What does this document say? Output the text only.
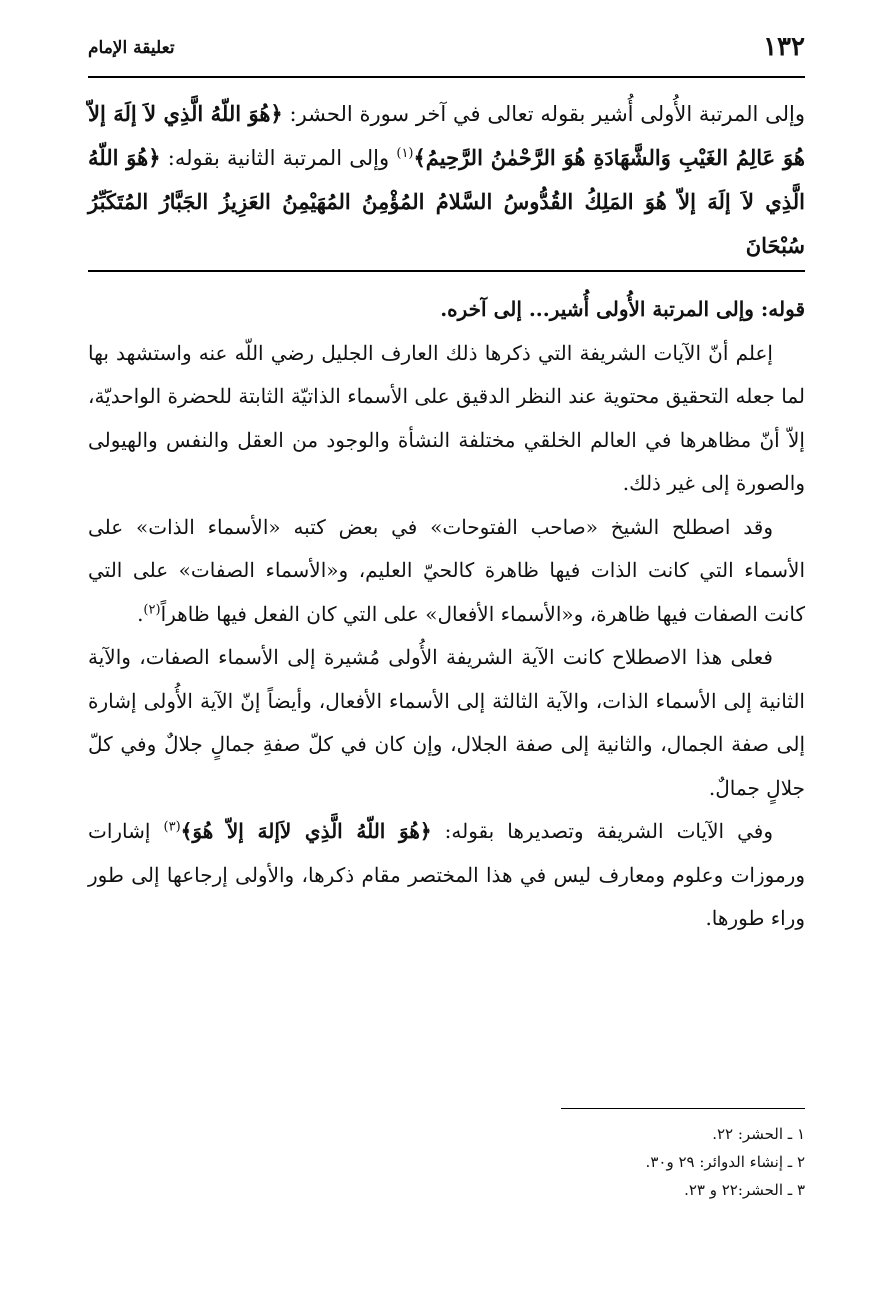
١٣٢
تعليقة الإمام
وإلى المرتبة الأُولى أُشير بقوله تعالى في آخر سورة الحشر: ﴿هُوَ اللّهُ الَّذِي لاَ إلَهَ إلاّ هُوَ عَالِمُ الغَيْبِ وَالشَّهَادَةِ هُوَ الرَّحْمٰنُ الرَّحِيمُ﴾$^{(١)}$ وإلى المرتبة الثانية بقوله: ﴿هُوَ اللّهُ الَّذِي لاَ إلَهَ إلاّ هُوَ المَلِكُ القُدُّوسُ السَّلامُ المُؤْمِنُ المُهَيْمِنُ العَزِيزُ الجَبَّارُ المُتَكَبِّرُ سُبْحَانَ

قوله: وإلى المرتبة الأُولى أُشير... إلى آخره.

إعلم أنّ الآيات الشريفة التي ذكرها ذلك العارف الجليل رضي اللّه عنه واستشهد بها لما جعله التحقيق محتوية عند النظر الدقيق على الأسماء الذاتيّة الثابتة للحضرة الواحديّة، إلاّ أنّ مظاهرها في العالم الخلقي مختلفة النشأة والوجود من العقل والنفس والهيولى والصورة إلى غير ذلك.

وقد اصطلح الشيخ «صاحب الفتوحات» في بعض كتبه «الأسماء الذات» على الأسماء التي كانت الذات فيها ظاهرة كالحيّ العليم، و«الأسماء الصفات» على التي كانت الصفات فيها ظاهرة، و«الأسماء الأفعال» على التي كان الفعل فيها ظاهراً$^{(٢)}$.

فعلى هذا الاصطلاح كانت الآية الشريفة الأُولى مُشيرة إلى الأسماء الصفات، والآية الثانية إلى الأسماء الذات، والآية الثالثة إلى الأسماء الأفعال، وأيضاً إنّ الآية الأُولى إشارة إلى صفة الجمال، والثانية إلى صفة الجلال، وإن كان في كلّ صفةِ جمالٍ جلالٌ وفي كلّ جلالٍ جمالٌ.

وفي الآيات الشريفة وتصديرها بقوله: ﴿هُوَ اللّهُ الَّذِي لاَإلهَ إلاّ هُوَ﴾$^{(٣)}$ إشارات ورموزات وعلوم ومعارف ليس في هذا المختصر مقام ذكرها، والأولى إرجاعها إلى طور وراء طورها.

١ ـ الحشر: ٢٢.
٢ ـ إنشاء الدوائر: ٢٩ و٣٠.
٣ ـ الحشر:٢٢ و ٢٣.
